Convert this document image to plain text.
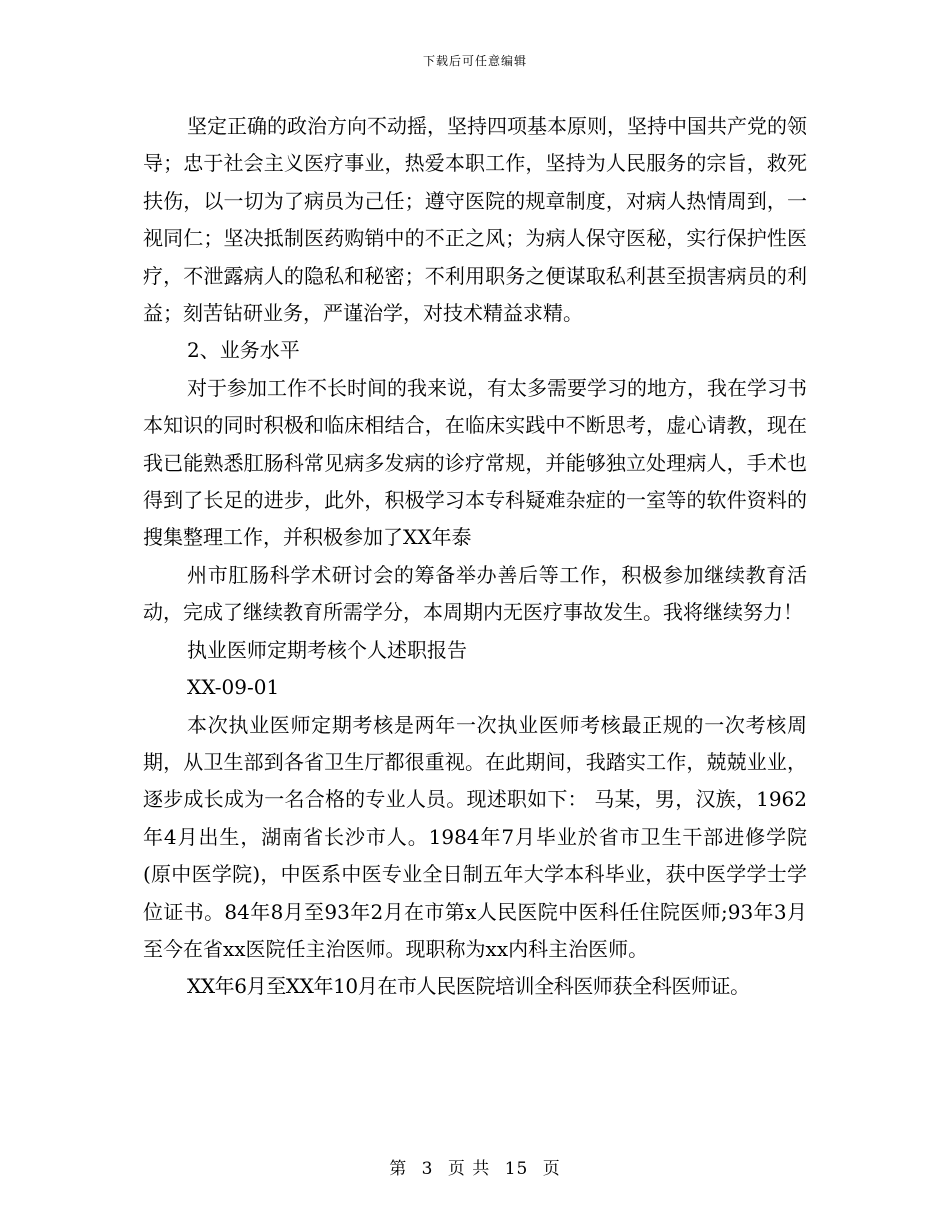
下载后可任意编辑

坚定正确的政治方向不动摇，坚持四项基本原则，坚持中国共产党的领导；忠于社会主义医疗事业，热爱本职工作，坚持为人民服务的宗旨，救死扶伤，以一切为了病员为己任；遵守医院的规章制度，对病人热情周到，一视同仁；坚决抵制医药购销中的不正之风；为病人保守医秘，实行保护性医疗，不泄露病人的隐私和秘密；不利用职务之便谋取私利甚至损害病员的利益；刻苦钻研业务，严谨治学，对技术精益求精。

2、业务水平

对于参加工作不长时间的我来说，有太多需要学习的地方，我在学习书本知识的同时积极和临床相结合，在临床实践中不断思考，虚心请教，现在我已能熟悉肛肠科常见病多发病的诊疗常规，并能够独立处理病人，手术也得到了长足的进步，此外，积极学习本专科疑难杂症的一室等的软件资料的搜集整理工作，并积极参加了XX年泰

州市肛肠科学术研讨会的筹备举办善后等工作，积极参加继续教育活动，完成了继续教育所需学分，本周期内无医疗事故发生。我将继续努力！

执业医师定期考核个人述职报告

XX-09-01

本次执业医师定期考核是两年一次执业医师考核最正规的一次考核周期，从卫生部到各省卫生厅都很重视。在此期间，我踏实工作，兢兢业业，逐步成长成为一名合格的专业人员。现述职如下： 马某，男，汉族，1962年4月出生，湖南省长沙市人。1984年7月毕业於省市卫生干部进修学院(原中医学院)，中医系中医专业全日制五年大学本科毕业，获中医学学士学位证书。84年8月至93年2月在市第x人民医院中医科任住院医师;93年3月至今在省xx医院任主治医师。现职称为xx内科主治医师。

XX年6月至XX年10月在市人民医院培训全科医师获全科医师证。

第 3 页 共 15 页
